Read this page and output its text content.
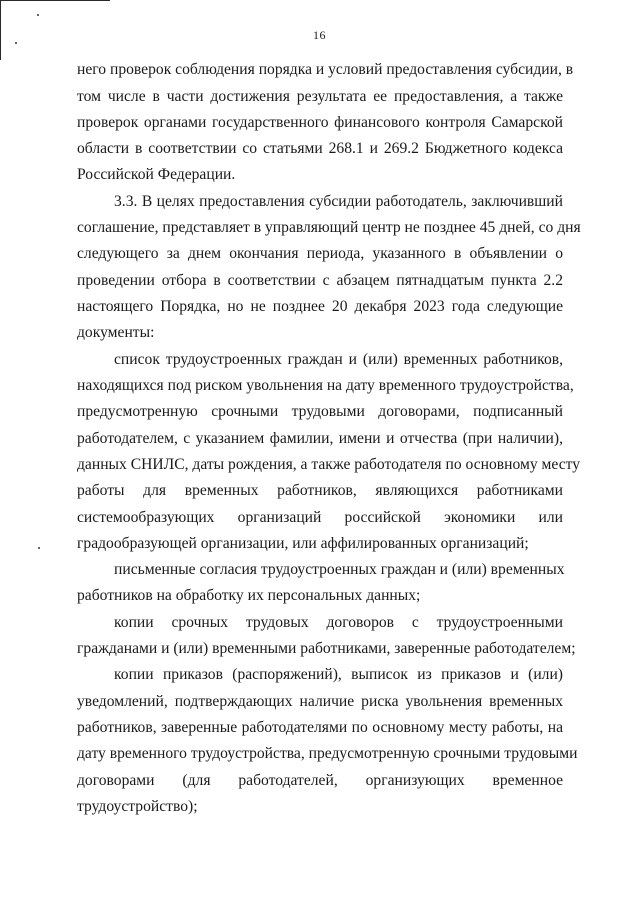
16
него проверок соблюдения порядка и условий предоставления субсидии, в
том числе в части достижения результата ее предоставления, а также
проверок органами государственного финансового контроля Самарской
области в соответствии со статьями 268.1 и 269.2 Бюджетного кодекса
Российской Федерации.
3.3. В целях предоставления субсидии работодатель, заключивший
соглашение, представляет в управляющий центр не позднее 45 дней, со дня
следующего за днем окончания периода, указанного в объявлении о
проведении отбора в соответствии с абзацем пятнадцатым пункта 2.2
настоящего Порядка, но не позднее 20 декабря 2023 года следующие
документы:
список трудоустроенных граждан и (или) временных работников,
находящихся под риском увольнения на дату временного трудоустройства,
предусмотренную срочными трудовыми договорами, подписанный
работодателем, с указанием фамилии, имени и отчества (при наличии),
данных СНИЛС, даты рождения, а также работодателя по основному месту
работы для временных работников, являющихся работниками
системообразующих организаций российской экономики или
градообразующей организации, или аффилированных организаций;
письменные согласия трудоустроенных граждан и (или) временных
работников на обработку их персональных данных;
копии срочных трудовых договоров с трудоустроенными
гражданами и (или) временными работниками, заверенные работодателем;
копии приказов (распоряжений), выписок из приказов и (или)
уведомлений, подтверждающих наличие риска увольнения временных
работников, заверенные работодателями по основному месту работы, на
дату временного трудоустройства, предусмотренную срочными трудовыми
договорами (для работодателей, организующих временное
трудоустройство);
